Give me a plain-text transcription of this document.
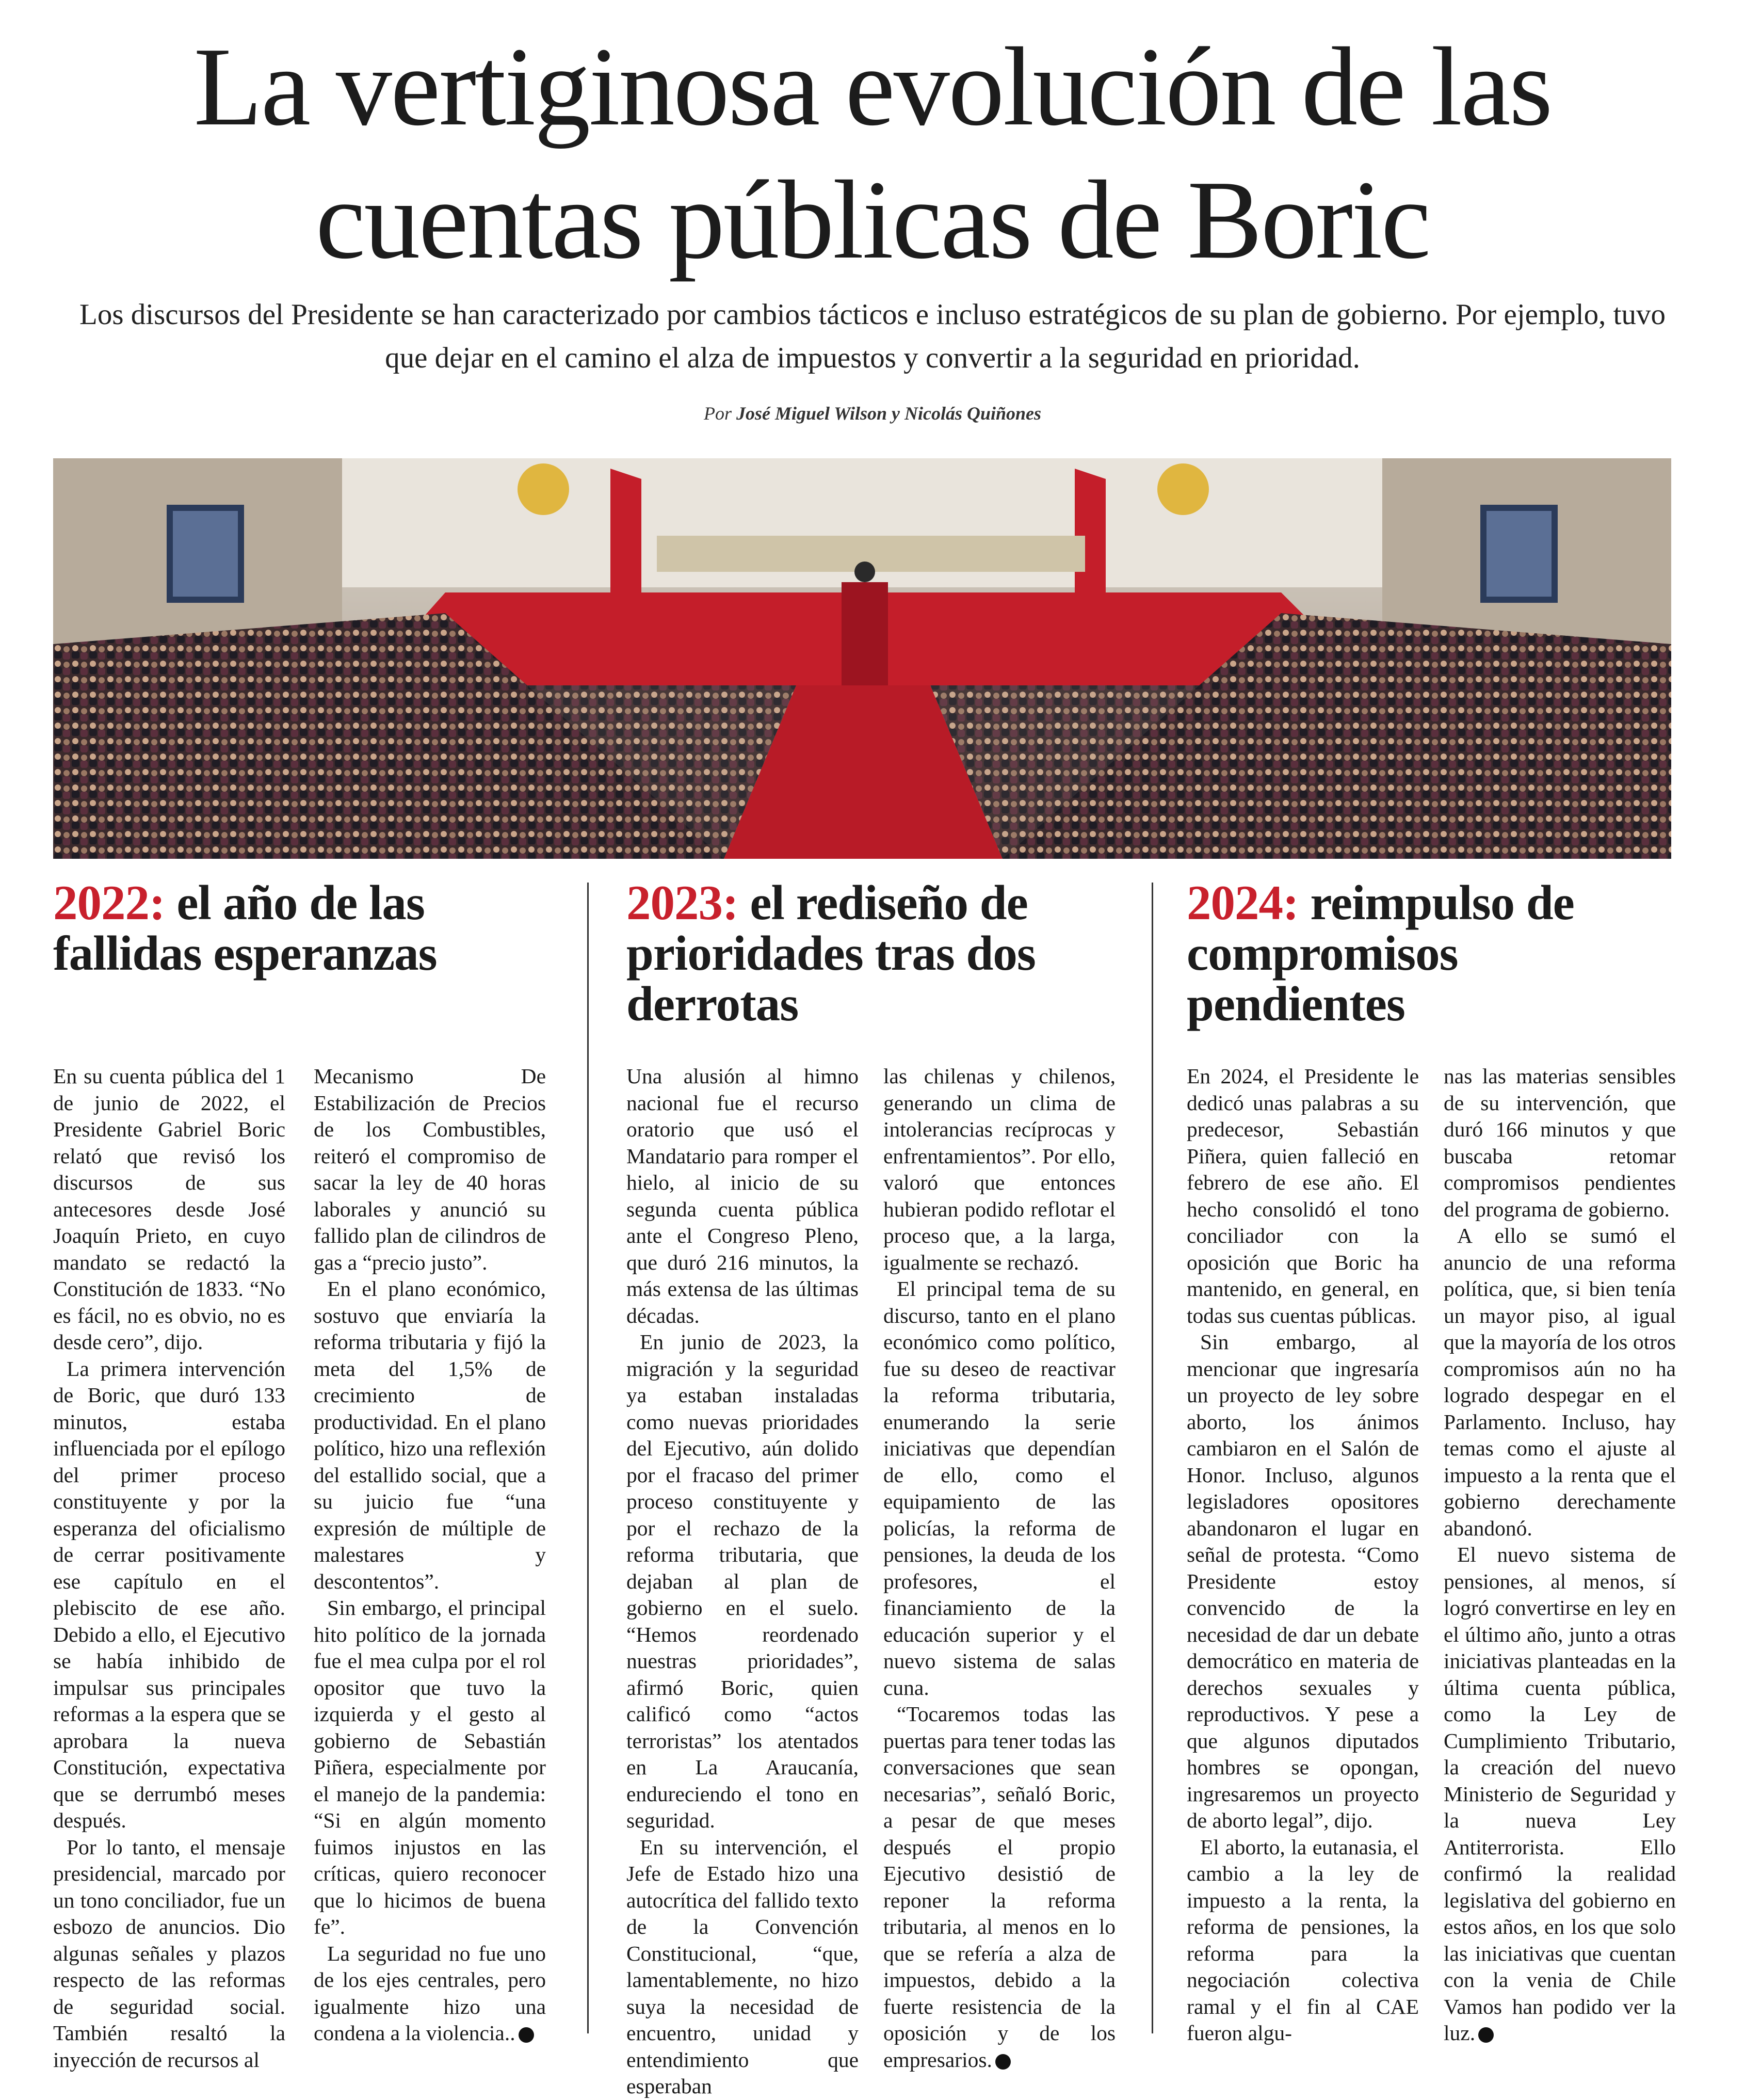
La vertiginosa evolución de las
cuentas públicas de Boric

Los discursos del Presidente se han caracterizado por cambios tácticos e incluso estratégicos de su plan de gobierno. Por ejemplo, tuvo que dejar en el camino el alza de impuestos y convertir a la seguridad en prioridad.

Por José Miguel Wilson y Nicolás Quiñones
2022: el año de las fallidas esperanzas
2023: el rediseño de prioridades tras dos derrotas
2024: reimpulso de compromisos pendientes

En su cuenta pública del 1 de junio de 2022, el Presidente Gabriel Boric relató que revisó los discursos de sus antecesores desde José Joaquín Prieto, en cuyo mandato se redactó la Constitución de 1833. “No es fácil, no es obvio, no es desde cero”, dijo.

La primera intervención de Boric, que duró 133 minutos, estaba influenciada por el epílogo del primer proceso constituyente y por la esperanza del oficialismo de cerrar positivamente ese capítulo en el plebiscito de ese año. Debido a ello, el Ejecutivo se había inhibido de impulsar sus principales reformas a la espera que se aprobara la nueva Constitución, expectativa que se derrumbó meses después.

Por lo tanto, el mensaje presidencial, marcado por un tono conciliador, fue un esbozo de anuncios. Dio algunas señales y plazos respecto de las reformas de seguridad social. También resaltó la inyección de recursos al

Mecanismo De Estabilización de Precios de los Combustibles, reiteró el compromiso de sacar la ley de 40 horas laborales y anunció su fallido plan de cilindros de gas a “precio justo”.

En el plano económico, sostuvo que enviaría la reforma tributaria y fijó la meta del 1,5% de crecimiento de productividad. En el plano político, hizo una reflexión del estallido social, que a su juicio fue “una expresión de múltiple de malestares y descontentos”.

Sin embargo, el principal hito político de la jornada fue el mea culpa por el rol opositor que tuvo la izquierda y el gesto al gobierno de Sebastián Piñera, especialmente por el manejo de la pandemia: “Si en algún momento fuimos injustos en las críticas, quiero reconocer que lo hicimos de buena fe”.

La seguridad no fue uno de los ejes centrales, pero igualmente hizo una condena a la violencia..

Una alusión al himno nacional fue el recurso oratorio que usó el Mandatario para romper el hielo, al inicio de su segunda cuenta pública ante el Congreso Pleno, que duró 216 minutos, la más extensa de las últimas décadas.

En junio de 2023, la migración y la seguridad ya estaban instaladas como nuevas prioridades del Ejecutivo, aún dolido por el fracaso del primer proceso constituyente y por el rechazo de la reforma tributaria, que dejaban al plan de gobierno en el suelo. “Hemos reordenado nuestras prioridades”, afirmó Boric, quien calificó como “actos terroristas” los atentados en La Araucanía, endureciendo el tono en seguridad.

En su intervención, el Jefe de Estado hizo una autocrítica del fallido texto de la Convención Constitucional, “que, lamentablemente, no hizo suya la necesidad de encuentro, unidad y entendimiento que esperaban

las chilenas y chilenos, generando un clima de intolerancias recíprocas y enfrentamientos”. Por ello, valoró que entonces hubieran podido reflotar el proceso que, a la larga, igualmente se rechazó.

El principal tema de su discurso, tanto en el plano económico como político, fue su deseo de reactivar la reforma tributaria, enumerando la serie iniciativas que dependían de ello, como el equipamiento de las policías, la reforma de pensiones, la deuda de los profesores, el financiamiento de la educación superior y el nuevo sistema de salas cuna.

“Tocaremos todas las puertas para tener todas las conversaciones que sean necesarias”, señaló Boric, a pesar de que meses después el propio Ejecutivo desistió de reponer la reforma tributaria, al menos en lo que se refería a alza de impuestos, debido a la fuerte resistencia de la oposición y de los empresarios.

En 2024, el Presidente le dedicó unas palabras a su predecesor, Sebastián Piñera, quien falleció en febrero de ese año. El hecho consolidó el tono conciliador con la oposición que Boric ha mantenido, en general, en todas sus cuentas públicas.

Sin embargo, al mencionar que ingresaría un proyecto de ley sobre aborto, los ánimos cambiaron en el Salón de Honor. Incluso, algunos legisladores opositores abandonaron el lugar en señal de protesta. “Como Presidente estoy convencido de la necesidad de dar un debate democrático en materia de derechos sexuales y reproductivos. Y pese a que algunos diputados hombres se opongan, ingresaremos un proyecto de aborto legal”, dijo.

El aborto, la eutanasia, el cambio a la ley de impuesto a la renta, la reforma de pensiones, la reforma para la negociación colectiva ramal y el fin al CAE fueron algu-

nas las materias sensibles de su intervención, que duró 166 minutos y que buscaba retomar compromisos pendientes del programa de gobierno.

A ello se sumó el anuncio de una reforma política, que, si bien tenía un mayor piso, al igual que la mayoría de los otros compromisos aún no ha logrado despegar en el Parlamento. Incluso, hay temas como el ajuste al impuesto a la renta que el gobierno derechamente abandonó.

El nuevo sistema de pensiones, al menos, sí logró convertirse en ley en el último año, junto a otras iniciativas planteadas en la última cuenta pública, como la Ley de Cumplimiento Tributario, la creación del nuevo Ministerio de Seguridad y la nueva Ley Antiterrorista. Ello confirmó la realidad legislativa del gobierno en estos años, en los que solo las iniciativas que cuentan con la venia de Chile Vamos han podido ver la luz.
